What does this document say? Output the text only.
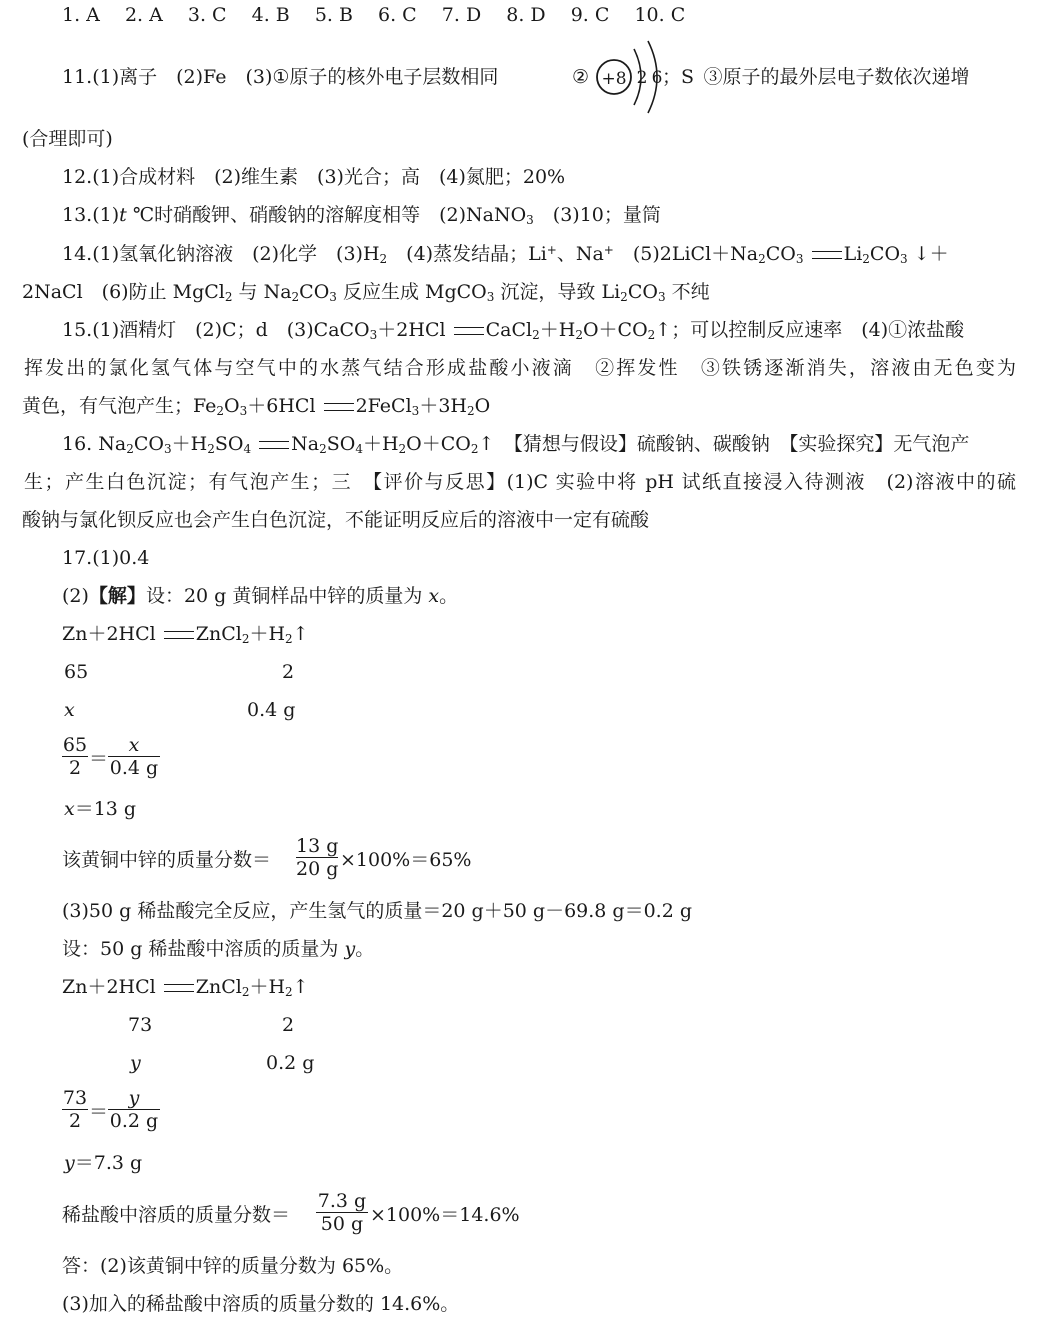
1. A  2. A  3. C  4. B  5. B  6. C  7. D  8. D  9. C  10. C
11.(1)离子  (2)Fe  (3)①原子的核外电子层数相同	② +8 2 6 ；S  ③原子的最外层电子数依次递增
(合理即可)
12.(1)合成材料　(2)维生素　(3)光合；高　(4)氮肥；20%
13.(1)t ℃时硝酸钾、硝酸钠的溶解度相等　(2)NaNO$_3$　(3)10；量筒
14.(1)氢氧化钠溶液　(2)化学　$(3)H_2$　(4)蒸发结晶；Li+、Na+　$(5)2LiCl+Na_2CO_3$ $Li_2CO_3$ ↓＋
2NaCl　(6)防止 MgCl$_2$ 与 $Na_2CO_3$ 反应生成 MgCO$_3$ 沉淀，导致 $Li_2CO_3$ 不纯
15.(1)酒精灯　(2)C；d　(3)CaCO$_3$＋2HCl $CaCl_2+H_2O+CO_2↑$；可以控制反应速率　(4)①浓盐酸
挥发出的氯化氢气体与空气中的水蒸气结合形成盐酸小液滴　②挥发性　③铁锈逐渐消失，溶液由无色变为
黄色，有气泡产生；$Fe_2O_3+6HCl$ $2FeCl_3+3H_2O$
16. $Na_2CO_3+H_2SO_4$ $Na_2SO_4+H_2O+CO_2↑$　【猜想与假设】硫酸钠、碳酸钠　【实验探究】无气泡产
生；产生白色沉淀；有气泡产生；三　【评价与反思】(1)C 实验中将 pH 试纸直接浸入待测液　(2)溶液中的硫
酸钠与氯化钡反应也会产生白色沉淀，不能证明反应后的溶液中一定有硫酸
17.(1)0.4
(2)【解】设：20 g 黄铜样品中锌的质量为 x。
Zn＋2HCl $ZnCl_2+H_2↑$
65	2
x	0.4 g
65
2 ＝
x
0.4 g
x＝13 g
该黄铜中锌的质量分数＝
13 g
20 g ×100%＝65%
(3)50 g 稀盐酸完全反应，产生氢气的质量＝20 g＋50 g－69.8 g＝0.2 g
设：50 g 稀盐酸中溶质的质量为 y。
Zn＋2HCl $ZnCl_2+H_2↑$
73	2
y	0.2 g
73
2 ＝
y
0.2 g
y＝7.3 g
稀盐酸中溶质的质量分数＝
7.3 g
50 g ×100%＝14.6%
答：(2)该黄铜中锌的质量分数为 65%。
(3)加入的稀盐酸中溶质的质量分数的 14.6%。
